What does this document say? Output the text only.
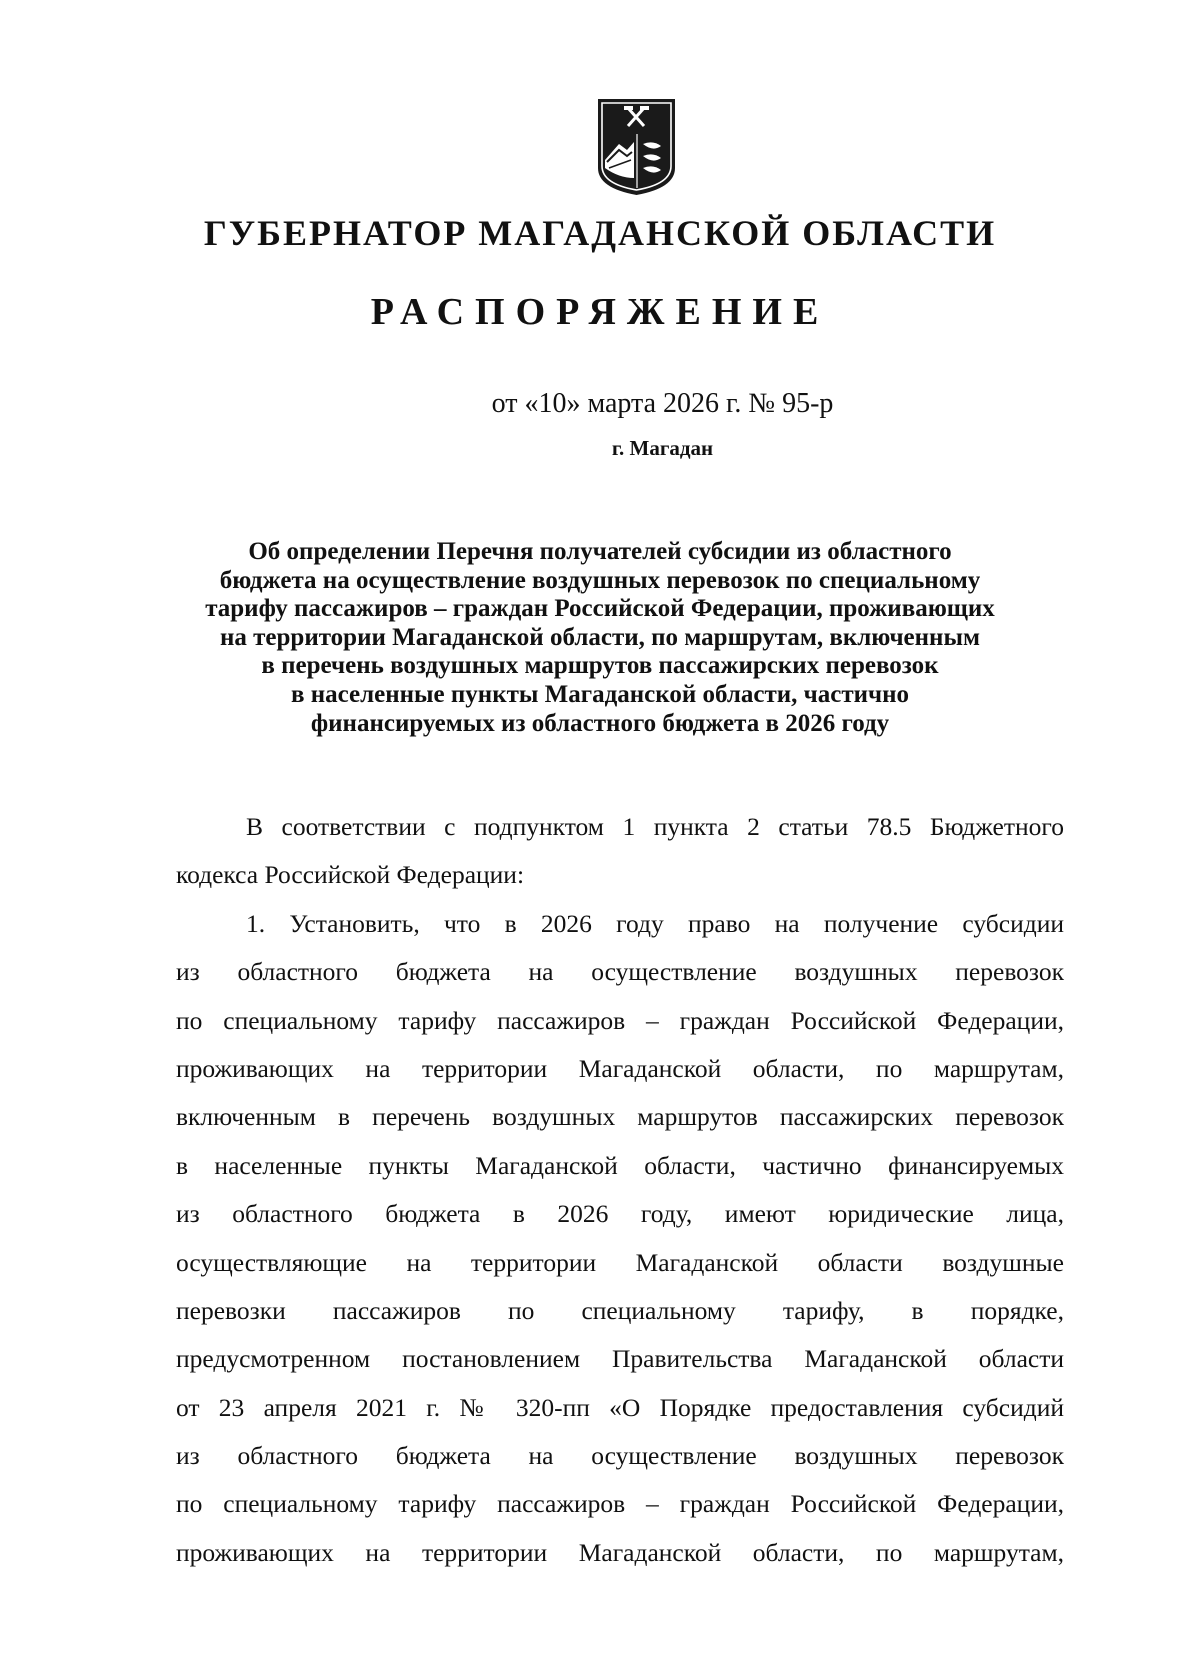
ГУБЕРНАТОР МАГАДАНСКОЙ ОБЛАСТИ
РАСПОРЯЖЕНИЕ
от «10» марта 2026 г. № 95-р
г. Магадан
Об определении Перечня получателей субсидии из областного
бюджета на осуществление воздушных перевозок по специальному
тарифу пассажиров – граждан Российской Федерации, проживающих
на территории Магаданской области, по маршрутам, включенным
в перечень воздушных маршрутов пассажирских перевозок
в населенные пункты Магаданской области, частично
финансируемых из областного бюджета в 2026 году
В соответствии с подпунктом 1 пункта 2 статьи 78.5 Бюджетного
кодекса Российской Федерации:
1. Установить, что в 2026 году право на получение субсидии
из областного бюджета на осуществление воздушных перевозок
по специальному тарифу пассажиров – граждан Российской Федерации,
проживающих на территории Магаданской области, по маршрутам,
включенным в перечень воздушных маршрутов пассажирских перевозок
в населенные пункты Магаданской области, частично финансируемых
из областного бюджета в 2026 году, имеют юридические лица,
осуществляющие на территории Магаданской области воздушные
перевозки пассажиров по специальному тарифу, в порядке,
предусмотренном постановлением Правительства Магаданской области
от 23 апреля 2021 г. № 320-пп «О Порядке предоставления субсидий
из областного бюджета на осуществление воздушных перевозок
по специальному тарифу пассажиров – граждан Российской Федерации,
проживающих на территории Магаданской области, по маршрутам,
